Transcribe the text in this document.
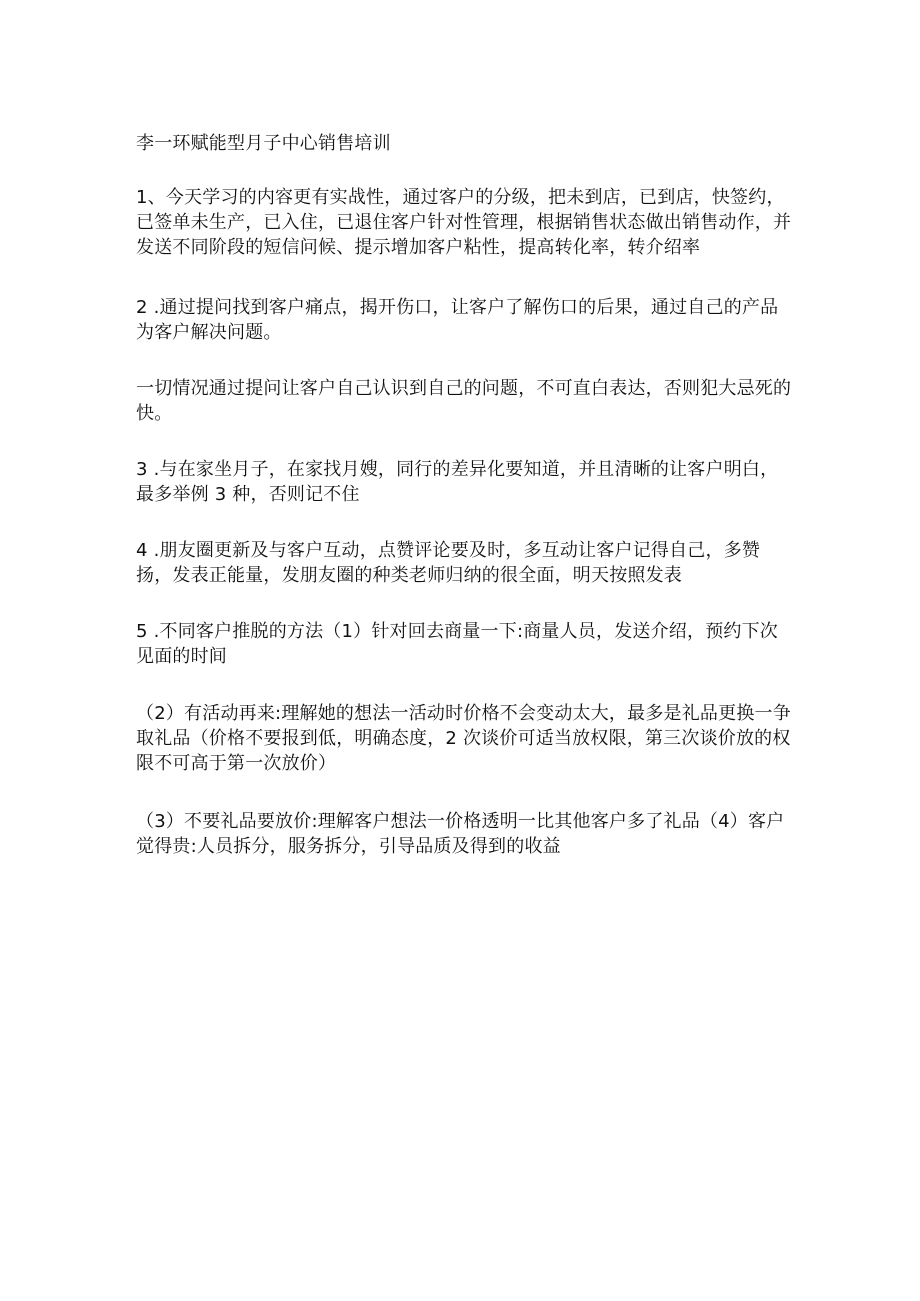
李一环赋能型月子中心销售培训
1、今天学习的内容更有实战性，通过客户的分级，把未到店，已到店，快签约，已签单未生产，已入住，已退住客户针对性管理，根据销售状态做出销售动作，并发送不同阶段的短信问候、提示增加客户粘性，提高转化率，转介绍率
2 .通过提问找到客户痛点，揭开伤口，让客户了解伤口的后果，通过自己的产品为客户解决问题。
一切情况通过提问让客户自己认识到自己的问题，不可直白表达，否则犯大忌死的快。
3 .与在家坐月子，在家找月嫂，同行的差异化要知道，并且清晰的让客户明白，最多举例 3 种，否则记不住
4 .朋友圈更新及与客户互动，点赞评论要及时，多互动让客户记得自己，多赞扬，发表正能量，发朋友圈的种类老师归纳的很全面，明天按照发表
5 .不同客户推脱的方法（1）针对回去商量一下:商量人员，发送介绍，预约下次见面的时间
（2）有活动再来:理解她的想法一活动时价格不会变动太大，最多是礼品更换一争取礼品（价格不要报到低，明确态度，2 次谈价可适当放权限，第三次谈价放的权限不可高于第一次放价）
（3）不要礼品要放价:理解客户想法一价格透明一比其他客户多了礼品（4）客户觉得贵:人员拆分，服务拆分，引导品质及得到的收益
